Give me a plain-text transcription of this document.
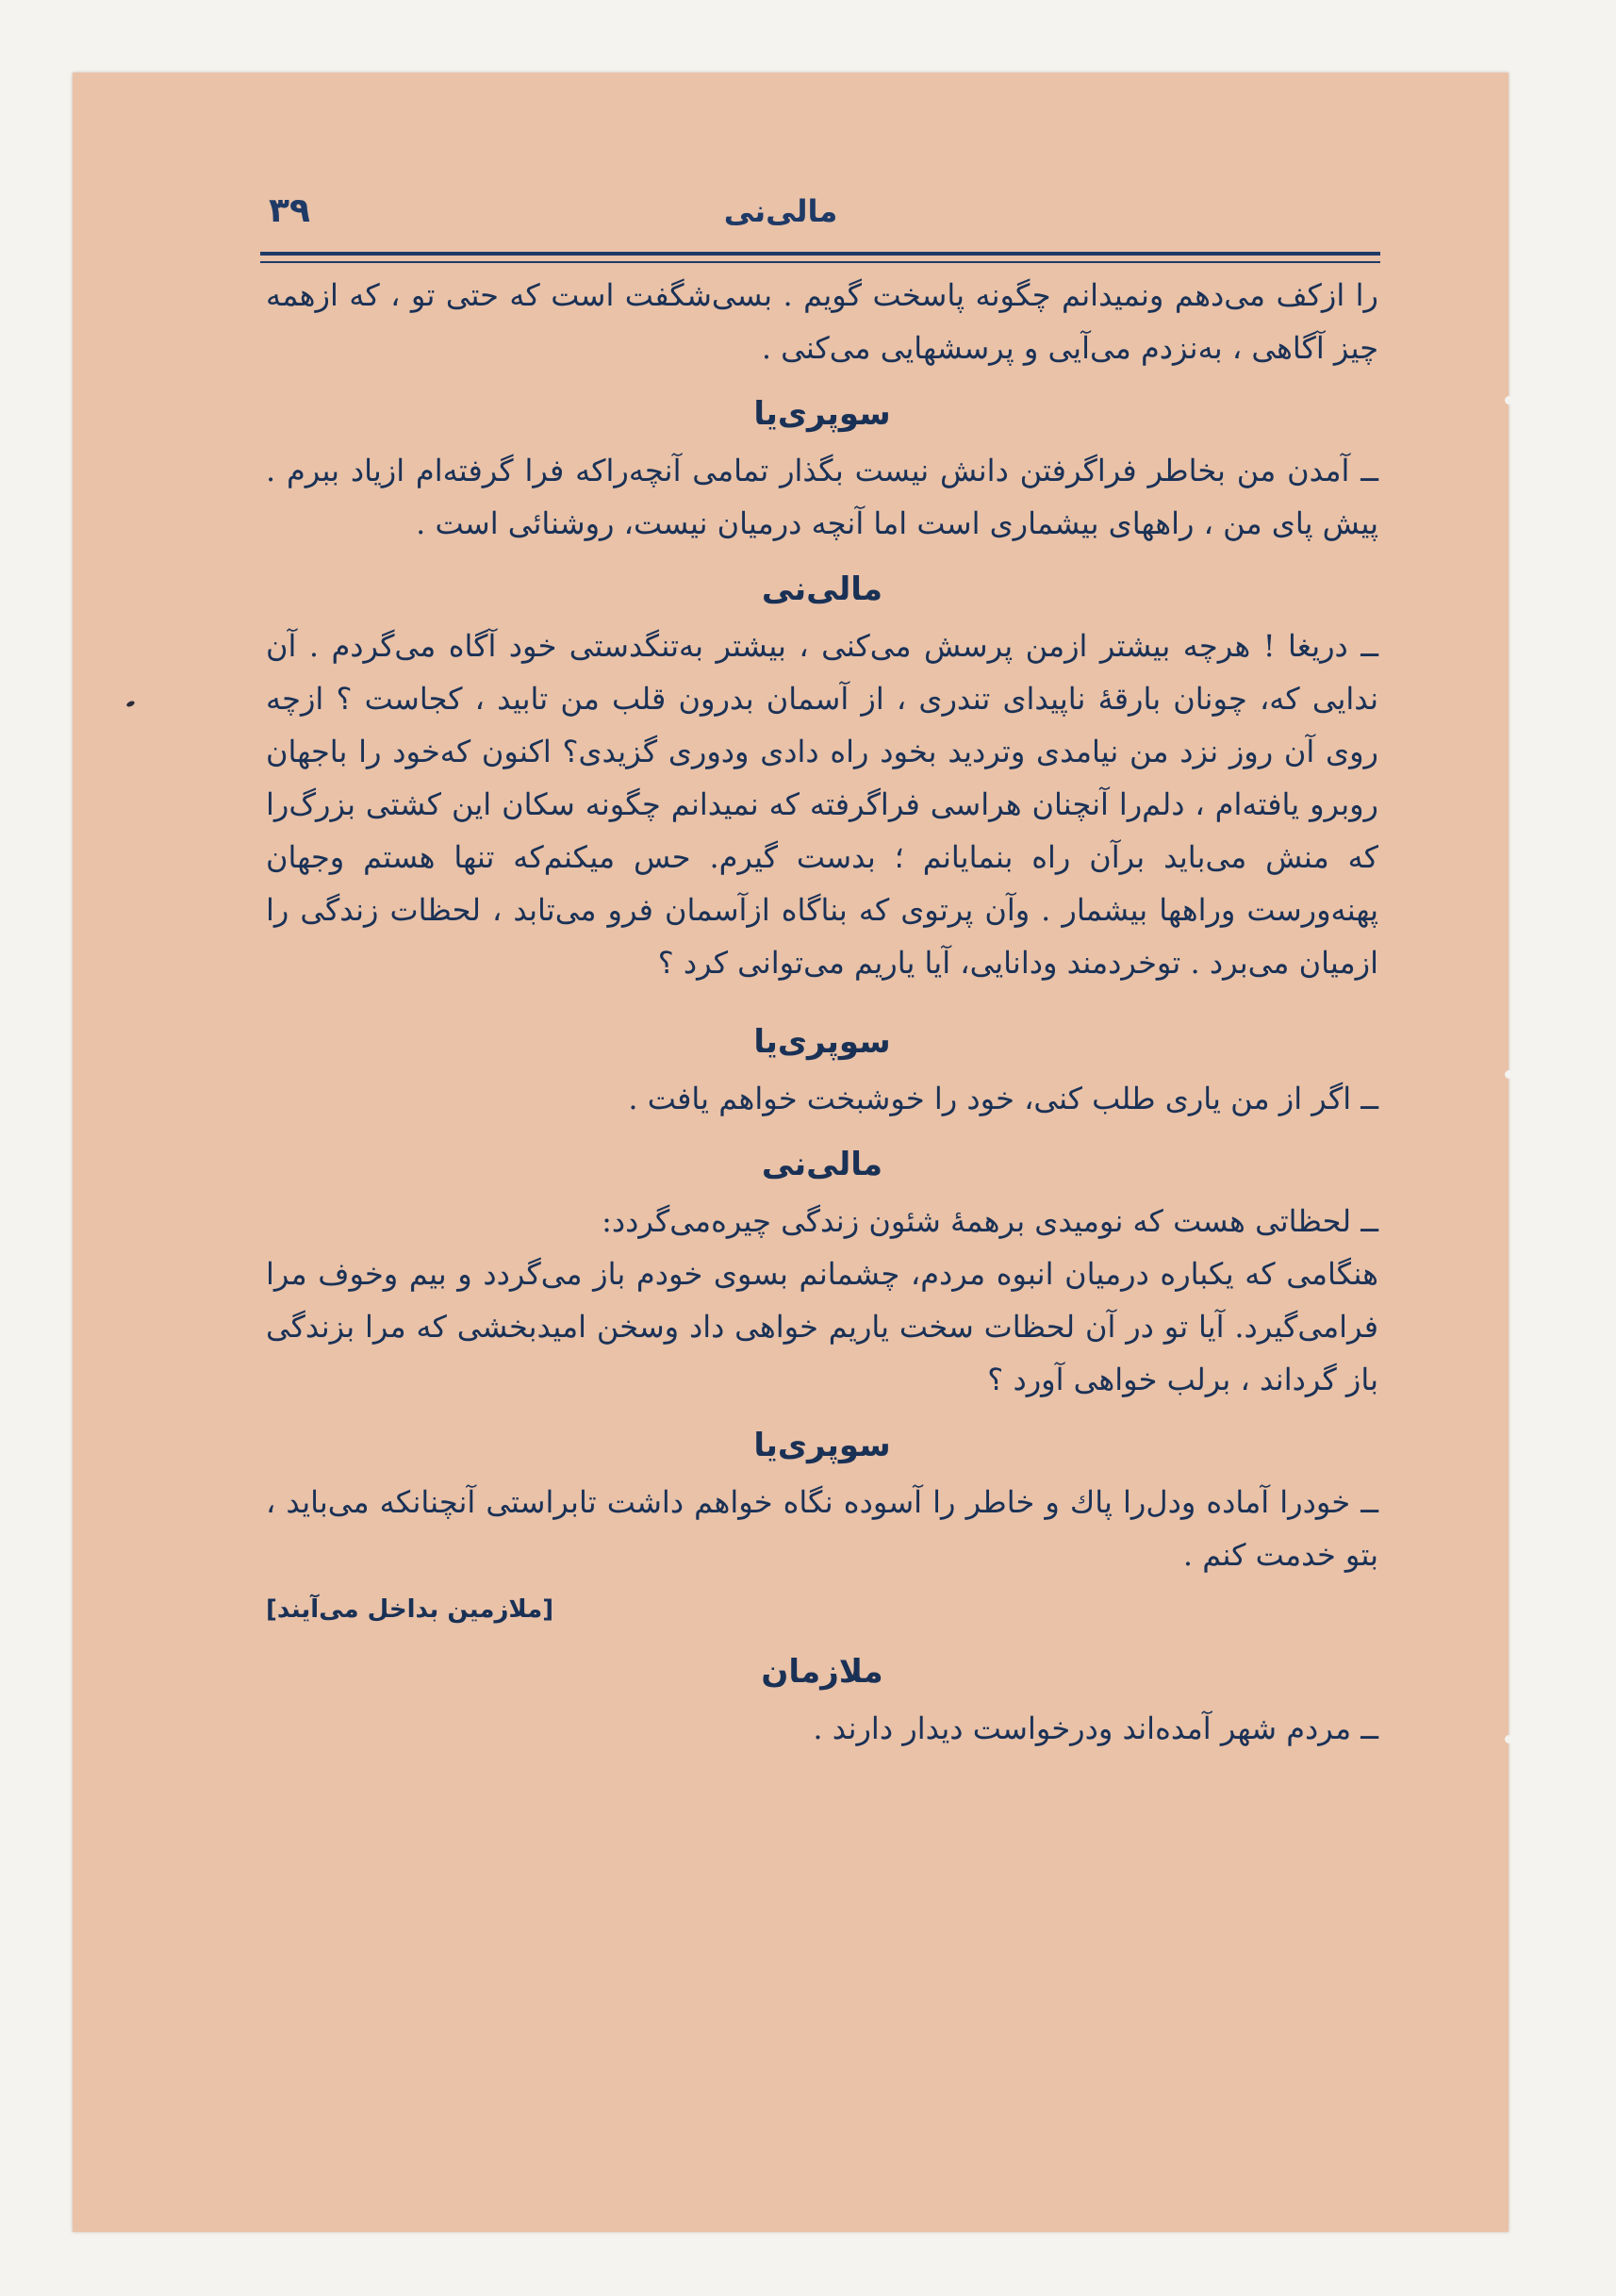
مالی‌نی
۳۹

را ازکف می‌دهم ونمیدانم چگونه پاسخت گویم . بسی‌شگفت است که حتی تو ، که ازهمه چیز آگاهی ، به‌نزدم می‌آیی و پرسشهایی می‌کنی .

سوپری‌یا

ــ آمدن من بخاطر فراگرفتن دانش نیست بگذار تمامی آنچه‌راکه فرا گرفته‌ام ازیاد ببرم . پیش پای من ، راههای بیشماری است اما آنچه درمیان نیست، روشنائی است .

مالی‌نی

ــ دریغا ! هرچه بیشتر ازمن پرسش می‌کنی ، بیشتر به‌تنگدستی خود آگاه می‌گردم . آن ندایی که، چونان بارقهٔ ناپیدای تندری ، از آسمان بدرون قلب من تابید ، کجاست ؟ ازچه روی آن روز نزد من نیامدی وتردید بخود راه دادی ودوری گزیدی؟ اکنون که‌خود را باجهان روبرو یافته‌ام ، دلم‌را آنچنان هراسی فراگرفته که نمیدانم چگونه سکان این کشتی بزرگ‌را که منش می‌باید برآن راه بنمایانم ؛ بدست گیرم. حس میکنم‌که تنها هستم وجهان پهنه‌ورست وراهها بیشمار . وآن پرتوی که بناگاه ازآسمان فرو می‌تابد ، لحظات زندگی را ازمیان می‌برد . توخردمند ودانایی، آیا یاریم می‌توانی کرد ؟

سوپری‌یا

ــ اگر از من یاری طلب کنی، خود را خوشبخت خواهم یافت .

مالی‌نی

ــ لحظاتی هست که نومیدی برهمهٔ شئون زندگی چیره‌می‌گردد:

هنگامی که یکباره درمیان انبوه مردم، چشمانم بسوی خودم باز می‌گردد و بیم وخوف مرا فرامی‌گیرد. آیا تو در آن لحظات سخت یاریم خواهی داد وسخن امیدبخشی که مرا بزندگی باز گرداند ، برلب خواهی آورد ؟

سوپری‌یا

ــ خودرا آماده ودل‌را پاك و خاطر را آسوده نگاه خواهم داشت تابراستی آنچنانکه می‌باید ، بتو خدمت کنم .

[ملازمین بداخل می‌آیند]
ملازمان

ــ مردم شهر آمده‌اند ودرخواست دیدار دارند .
